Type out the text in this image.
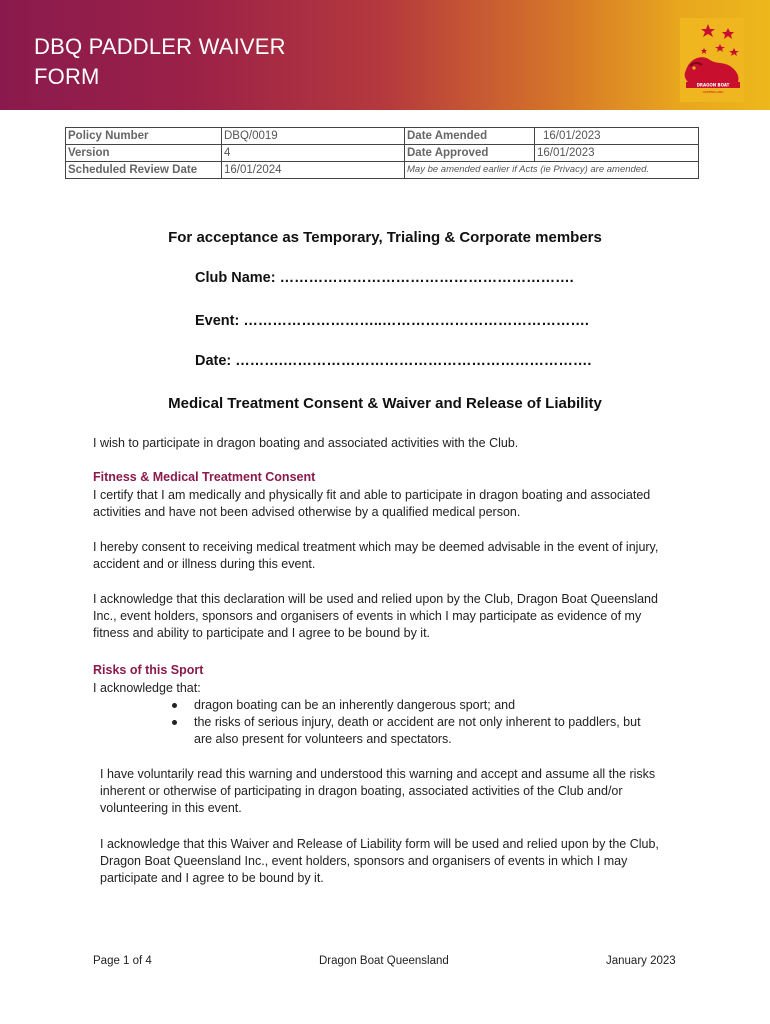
DBQ PADDLER WAIVER
FORM	DRAGON BOAT
QUEENSLAND
Policy Number	DBQ/0019	Date Amended	16/01/2023
Version	4	Date Approved	16/01/2023
Scheduled Review Date	16/01/2024	May be amended earlier if Acts (ie Privacy) are amended.	
For acceptance as Temporary, Trialing & Corporate members
Club Name: …………………………………………………….
Event: ………………………..…………………………………….
Date: ……….……………………………………………………….
Medical Treatment Consent & Waiver and Release of Liability
I wish to participate in dragon boating and associated activities with the Club.
Fitness & Medical Treatment Consent
I certify that I am medically and physically fit and able to participate in dragon boating and associated activities and have not been advised otherwise by a qualified medical person.
I hereby consent to receiving medical treatment which may be deemed advisable in the event of injury, accident and or illness during this event.
I acknowledge that this declaration will be used and relied upon by the Club, Dragon Boat Queensland Inc., event holders, sponsors and organisers of events in which I may participate as evidence of my fitness and ability to participate and I agree to be bound by it.
Risks of this Sport
I acknowledge that:
dragon boating can be an inherently dangerous sport; and
the risks of serious injury, death or accident are not only inherent to paddlers, but are also present for volunteers and spectators.
I have voluntarily read this warning and understood this warning and accept and assume all the risks inherent or otherwise of participating in dragon boating, associated activities of the Club and/or volunteering in this event.
I acknowledge that this Waiver and Release of Liability form will be used and relied upon by the Club, Dragon Boat Queensland Inc., event holders, sponsors and organisers of events in which I may participate and I agree to be bound by it.
Page 1 of 4	Dragon Boat Queensland	January 2023
